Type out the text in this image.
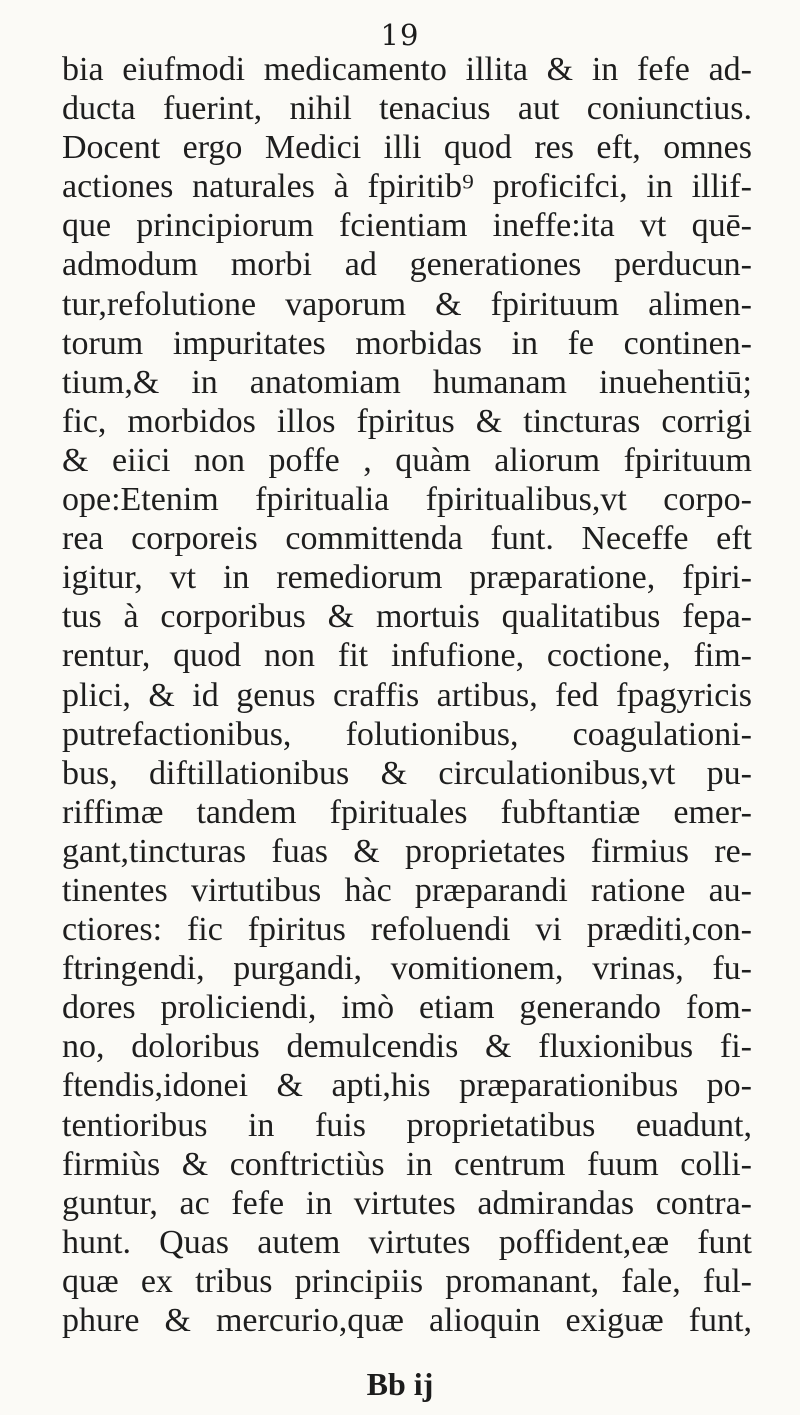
19
bia eiufmodi medicamento illita & in fefe ad-
ducta fuerint, nihil tenacius aut coniunctius.
Docent ergo Medici illi quod res eft, omnes
actiones naturales à fpiritib⁹ proficifci, in illif-
que principiorum fcientiam ineffe:ita vt quē-
admodum morbi ad generationes perducun-
tur,refolutione vaporum & fpirituum alimen-
torum impuritates morbidas in fe continen-
tium,& in anatomiam humanam inuehentiū;
fic, morbidos illos fpiritus & tincturas corrigi
& eiici non poffe , quàm aliorum fpirituum
ope:Etenim fpiritualia fpiritualibus,vt corpo-
rea corporeis committenda funt. Neceffe eft
igitur, vt in remediorum præparatione, fpiri-
tus à corporibus & mortuis qualitatibus fepa-
rentur, quod non fit infufione, coctione, fim-
plici, & id genus craffis artibus, fed fpagyricis
putrefactionibus, folutionibus, coagulationi-
bus, diftillationibus & circulationibus,vt pu-
riffimæ tandem fpirituales fubftantiæ emer-
gant,tincturas fuas & proprietates firmius re-
tinentes virtutibus hàc præparandi ratione au-
ctiores: fic fpiritus refoluendi vi præditi,con-
ftringendi, purgandi, vomitionem, vrinas, fu-
dores proliciendi, imò etiam generando fom-
no, doloribus demulcendis & fluxionibus fi-
ftendis,idonei & apti,his præparationibus po-
tentioribus in fuis proprietatibus euadunt,
firmiùs & conftrictiùs in centrum fuum colli-
guntur, ac fefe in virtutes admirandas contra-
hunt. Quas autem virtutes poffident,eæ funt
quæ ex tribus principiis promanant, fale, ful-
phure & mercurio,quæ alioquin exiguæ funt,
Bb ij
